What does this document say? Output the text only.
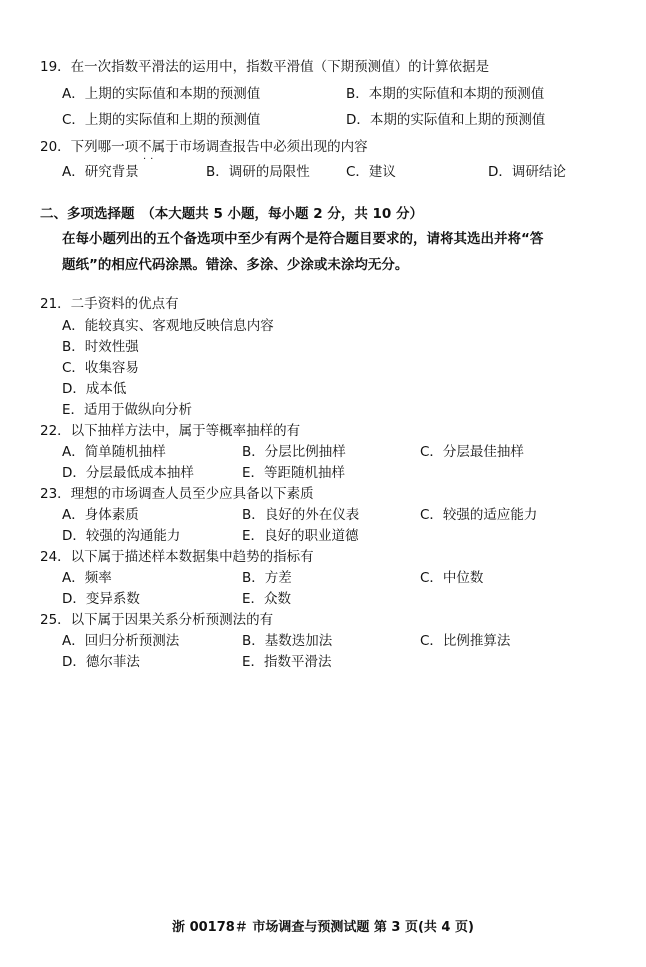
19．在一次指数平滑法的运用中，指数平滑值（下期预测值）的计算依据是
A．上期的实际值和本期的预测值	B．本期的实际值和本期的预测值
C．上期的实际值和上期的预测值	D．本期的实际值和上期的预测值
20．下列哪一项不属于市场调查报告中必须出现的内容
··
A．研究背景	B．调研的局限性	C．建议	D．调研结论
二、多项选择题　（本大题共 5 小题，每小题 2 分，共 10 分）
在每小题列出的五个备选项中至少有两个是符合题目要求的，请将其选出并将“答
题纸”的相应代码涂黑。错涂、多涂、少涂或未涂均无分。
21．二手资料的优点有
A．能较真实、客观地反映信息内容
B．时效性强
C．收集容易
D．成本低
E．适用于做纵向分析
22．以下抽样方法中，属于等概率抽样的有
A．简单随机抽样	B．分层比例抽样	C．分层最佳抽样
D．分层最低成本抽样	E．等距随机抽样
23．理想的市场调查人员至少应具备以下素质
A．身体素质	B．良好的外在仪表	C．较强的适应能力
D．较强的沟通能力	E．良好的职业道德
24．以下属于描述样本数据集中趋势的指标有
A．频率	B．方差	C．中位数
D．变异系数	E．众数
25．以下属于因果关系分析预测法的有
A．回归分析预测法	B．基数迭加法	C．比例推算法
D．德尔菲法	E．指数平滑法
浙 00178＃ 市场调查与预测试题 第 3 页(共 4 页)
